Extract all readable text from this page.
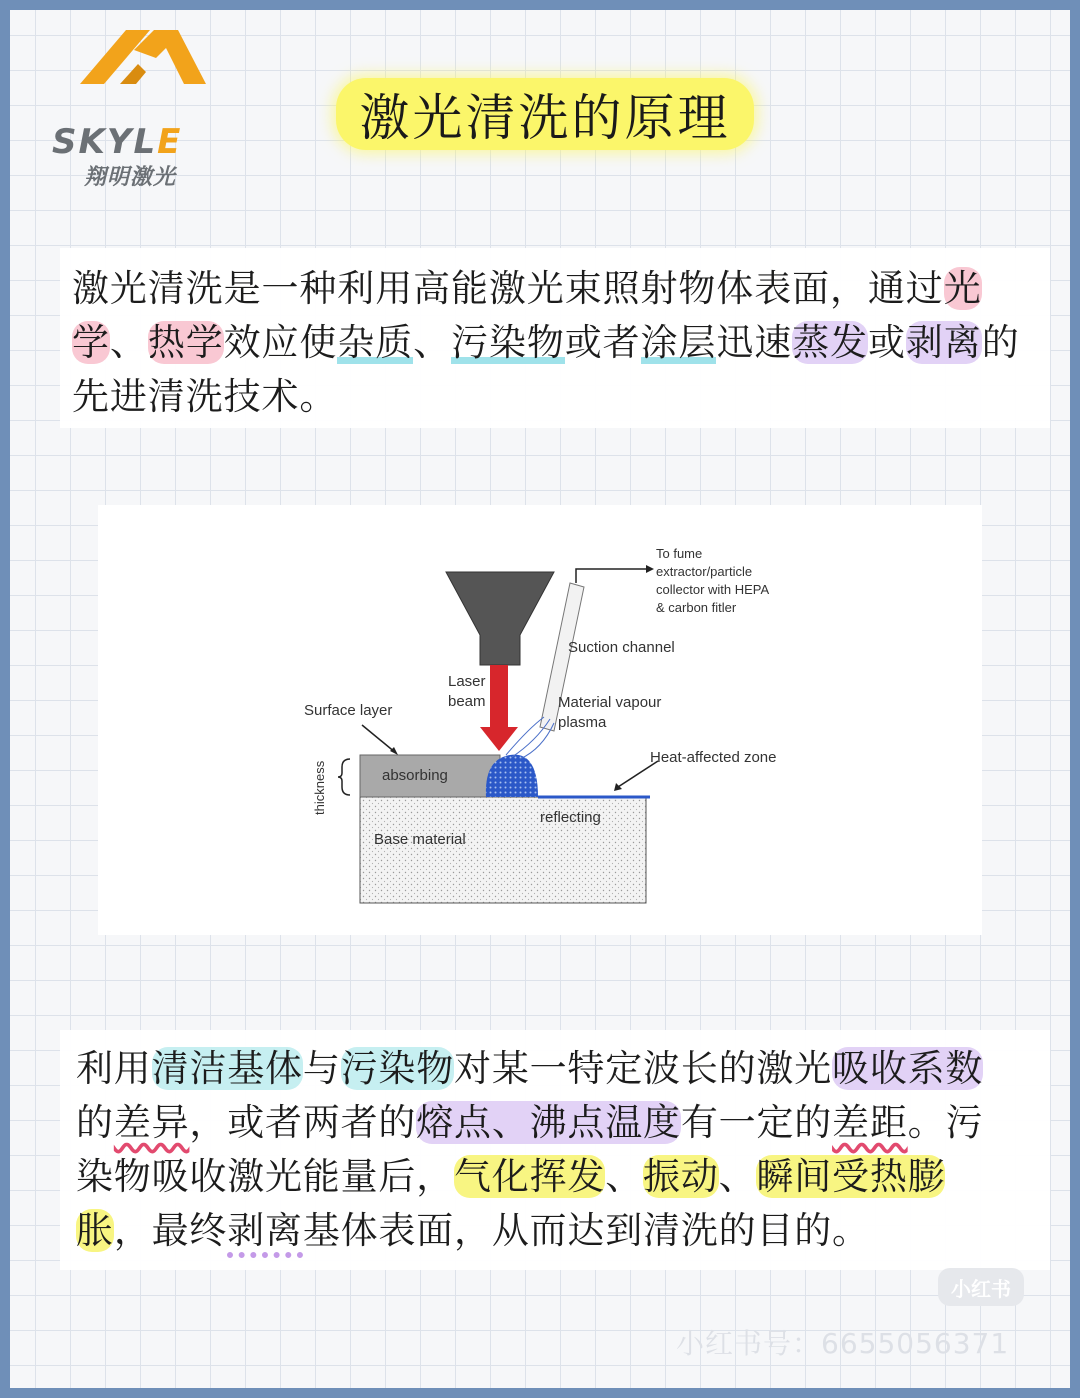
SKYLE
翔明激光
激光清洗的原理
激光清洗是一种利用高能激光束照射物体表面，通过光
学、热学效应使杂质、污染物或者涂层迅速蒸发或剥离的
先进清洗技术。
To fume
extractor/particle
collector with HEPA
& carbon fitler
Suction channel
Laser
beam	Material vapour
plasma
Surface layer
Heat-affected zone
thickness	absorbing
reflecting
Base material
利用清洁基体与污染物对某一特定波长的激光吸收系数
的差异，或者两者的熔点、沸点温度有一定的差距。污
染物吸收激光能量后，气化挥发、振动、瞬间受热膨
胀，最终剥离基体表面，从而达到清洗的目的。
小红书
小红书号：6655056371
